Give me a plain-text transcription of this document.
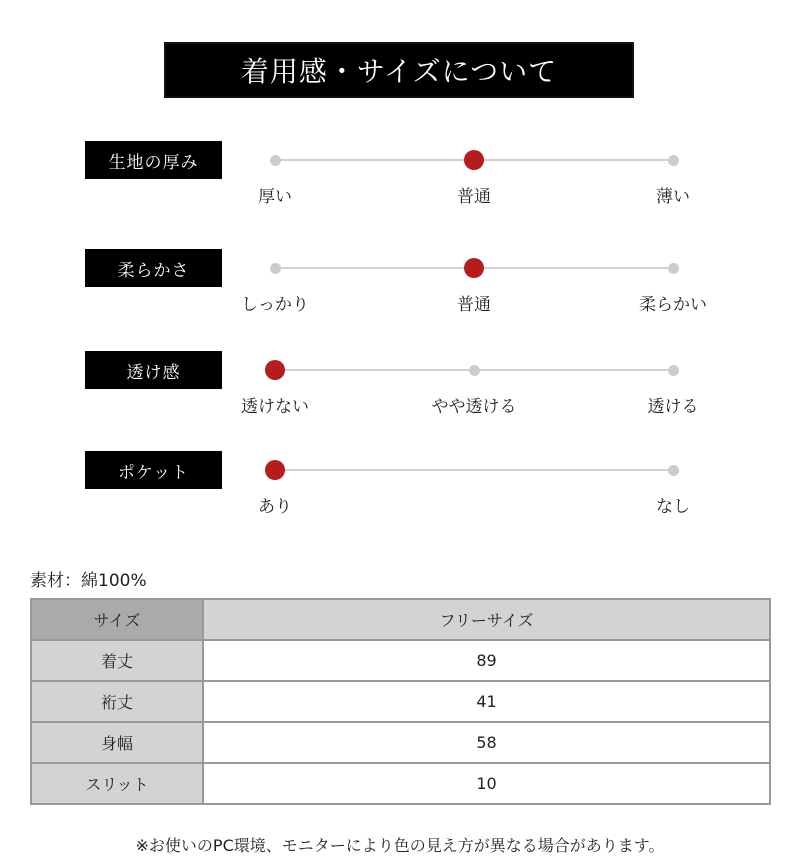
着用感・サイズについて
生地の厚み
厚い	普通	薄い
柔らかさ
しっかり	普通	柔らかい
透け感
透けない	やや透ける	透ける
ポケット
あり	なし
素材：綿100%
サイズ	フリーサイズ
着丈	89
裄丈	41
身幅	58
スリット	10
※お使いのPC環境、モニターにより色の見え方が異なる場合があります。
